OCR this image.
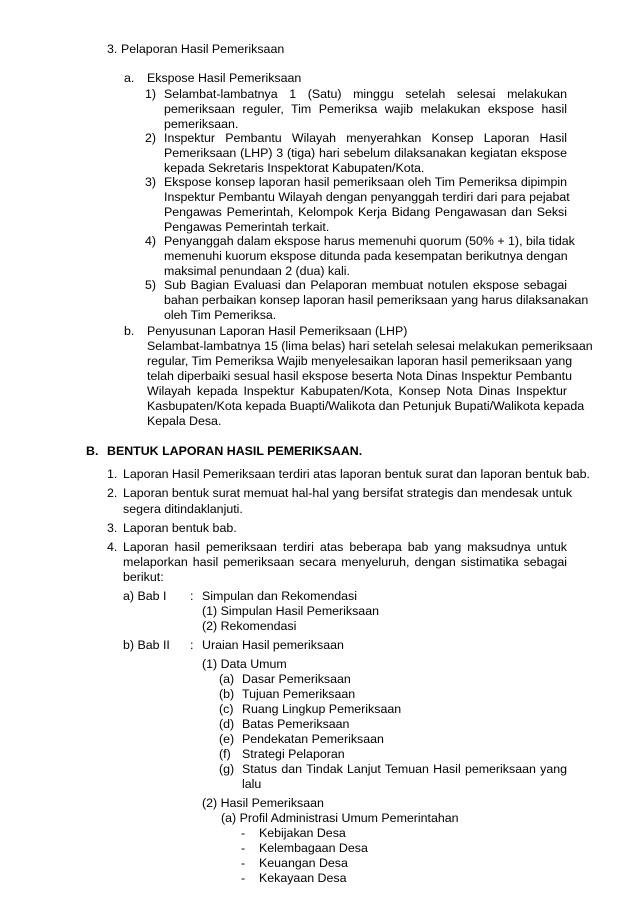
3. Pelaporan Hasil Pemeriksaan
a. Ekspose Hasil Pemeriksaan
1) Selambat-lambatnya 1 (Satu) minggu setelah selesai melakukan
pemeriksaan reguler, Tim Pemeriksa wajib melakukan ekspose hasil
pemeriksaan.
2) Inspektur Pembantu Wilayah menyerahkan Konsep Laporan Hasil
Pemeriksaan (LHP) 3 (tiga) hari sebelum dilaksanakan kegiatan ekspose
kepada Sekretaris Inspektorat Kabupaten/Kota.
3) Ekspose konsep laporan hasil pemeriksaan oleh Tim Pemeriksa dipimpin
Inspektur Pembantu Wilayah dengan penyanggah terdiri dari para pejabat
Pengawas Pemerintah, Kelompok Kerja Bidang Pengawasan dan Seksi
Pengawas Pemerintah terkait.
4) Penyanggah dalam ekspose harus memenuhi quorum (50% + 1), bila tidak
memenuhi kuorum ekspose ditunda pada kesempatan berikutnya dengan
maksimal penundaan 2 (dua) kali.
5) Sub Bagian Evaluasi dan Pelaporan membuat notulen ekspose sebagai
bahan perbaikan konsep laporan hasil pemeriksaan yang harus dilaksanakan
oleh Tim Pemeriksa.
b. Penyusunan Laporan Hasil Pemeriksaan (LHP)
Selambat-lambatnya 15 (lima belas) hari setelah selesai melakukan pemeriksaan
regular, Tim Pemeriksa Wajib menyelesaikan laporan hasil pemeriksaan yang
telah diperbaiki sesual hasil ekspose beserta Nota Dinas Inspektur Pembantu
Wilayah kepada Inspektur Kabupaten/Kota, Konsep Nota Dinas Inspektur
Kasbupaten/Kota kepada Buapti/Walikota dan Petunjuk Bupati/Walikota kepada
Kepala Desa.
B. BENTUK LAPORAN HASIL PEMERIKSAAN.
1. Laporan Hasil Pemeriksaan terdiri atas laporan bentuk surat dan laporan bentuk bab.
2. Laporan bentuk surat memuat hal-hal yang bersifat strategis dan mendesak untuk
segera ditindaklanjuti.
3. Laporan bentuk bab.
4. Laporan hasil pemeriksaan terdiri atas beberapa bab yang maksudnya untuk
melaporkan hasil pemeriksaan secara menyeluruh, dengan sistimatika sebagai
berikut:
a) Bab I : Simpulan dan Rekomendasi
(1) Simpulan Hasil Pemeriksaan
(2) Rekomendasi
b) Bab II : Uraian Hasil pemeriksaan
(1) Data Umum
(a) Dasar Pemeriksaan
(b) Tujuan Pemeriksaan
(c) Ruang Lingkup Pemeriksaan
(d) Batas Pemeriksaan
(e) Pendekatan Pemeriksaan
(f) Strategi Pelaporan
(g) Status dan Tindak Lanjut Temuan Hasil pemeriksaan yang
lalu
(2) Hasil Pemeriksaan
(a) Profil Administrasi Umum Pemerintahan
- Kebijakan Desa
- Kelembagaan Desa
- Keuangan Desa
- Kekayaan Desa
